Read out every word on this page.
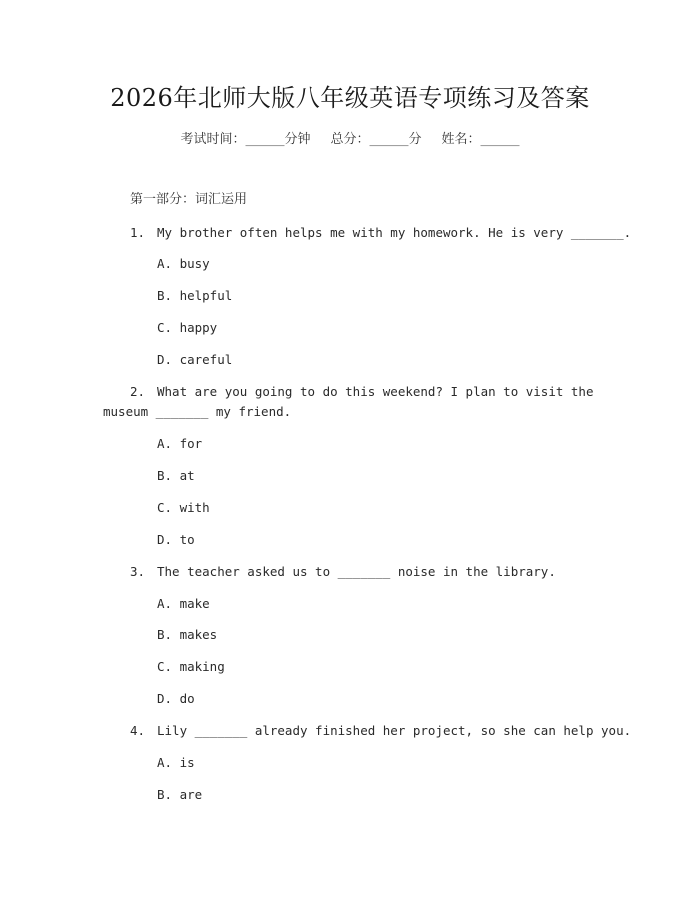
2026年北师大版八年级英语专项练习及答案
考试时间：______分钟 总分：______分 姓名：______
第一部分：词汇运用
1. My brother often helps me with my homework. He is very _______.
A. busy
B. helpful
C. happy
D. careful
2. What are you going to do this weekend? I plan to visit the
museum _______ my friend.
A. for
B. at
C. with
D. to
3. The teacher asked us to _______ noise in the library.
A. make
B. makes
C. making
D. do
4. Lily _______ already finished her project, so she can help you.
A. is
B. are
